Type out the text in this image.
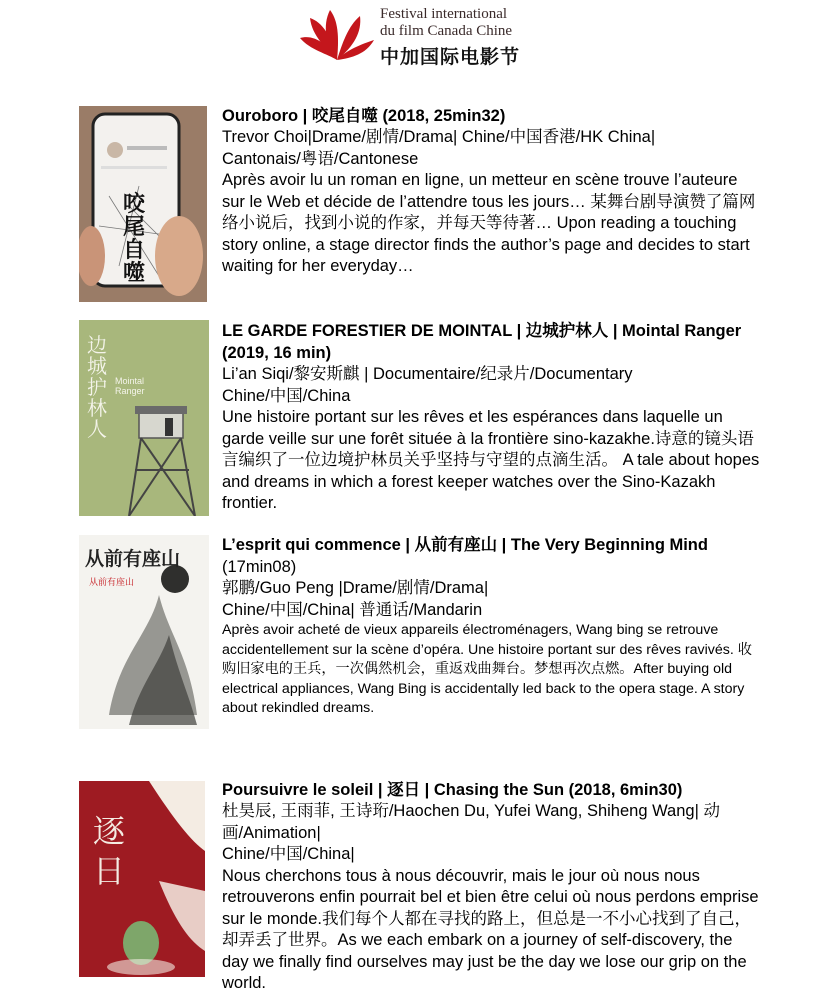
Festival international
du film Canada Chine
中加国际电影节
咬尾自噬
Ouroboro | 咬尾自噬 (2018, 25min32)
Trevor Choi|Drame/剧情/Drama| Chine/中国香港/HK China|
Cantonais/粤语/Cantonese
Après avoir lu un roman en ligne, un metteur en scène trouve l’auteure sur le Web et décide de l’attendre tous les jours… 某舞台剧导演赞了篇网络小说后，找到小说的作家，并每天等待著… Upon reading a touching story online, a stage director finds the author’s page and decides to start waiting for her everyday…
边城护林人
Mointal Ranger
LE GARDE FORESTIER DE MOINTAL | 边城护林人 | Mointal Ranger (2019, 16 min)
Li’an Siqi/黎安斯麒 | Documentaire/纪录片/Documentary
Chine/中国/China
Une histoire portant sur les rêves et les espérances dans laquelle un garde veille sur une forêt située à la frontière sino-kazakhe.诗意的镜头语言编织了一位边境护林员关乎坚持与守望的点滴生活。 A tale about hopes and dreams in which a forest keeper watches over the Sino-Kazakh frontier.
从前有座山
从前有座山
L’esprit qui commence | 从前有座山 | The Very Beginning Mind (17min08)
郭鹏/Guo Peng |Drame/剧情/Drama|
Chine/中国/China| 普通话/Mandarin
Après avoir acheté de vieux appareils électroménagers, Wang bing se retrouve accidentellement sur la scène d’opéra. Une histoire portant sur des rêves ravivés. 收购旧家电的王兵，一次偶然机会，重返戏曲舞台。梦想再次点燃。After buying old electrical appliances, Wang Bing is accidentally led back to the opera stage. A story about rekindled dreams.
逐日
Poursuivre le soleil | 逐日 | Chasing the Sun (2018, 6min30)
杜昊辰, 王雨菲, 王诗珩/Haochen Du, Yufei Wang, Shiheng Wang| 动画/Animation|
Chine/中国/China|
Nous cherchons tous à nous découvrir, mais le jour où nous nous retrouverons enfin pourrait bel et bien être celui où nous perdons emprise sur le monde.我们每个人都在寻找的路上，但总是一不小心找到了自己，却弄丢了世界。As we each embark on a journey of self-discovery, the day we finally find ourselves may just be the day we lose our grip on the world.
